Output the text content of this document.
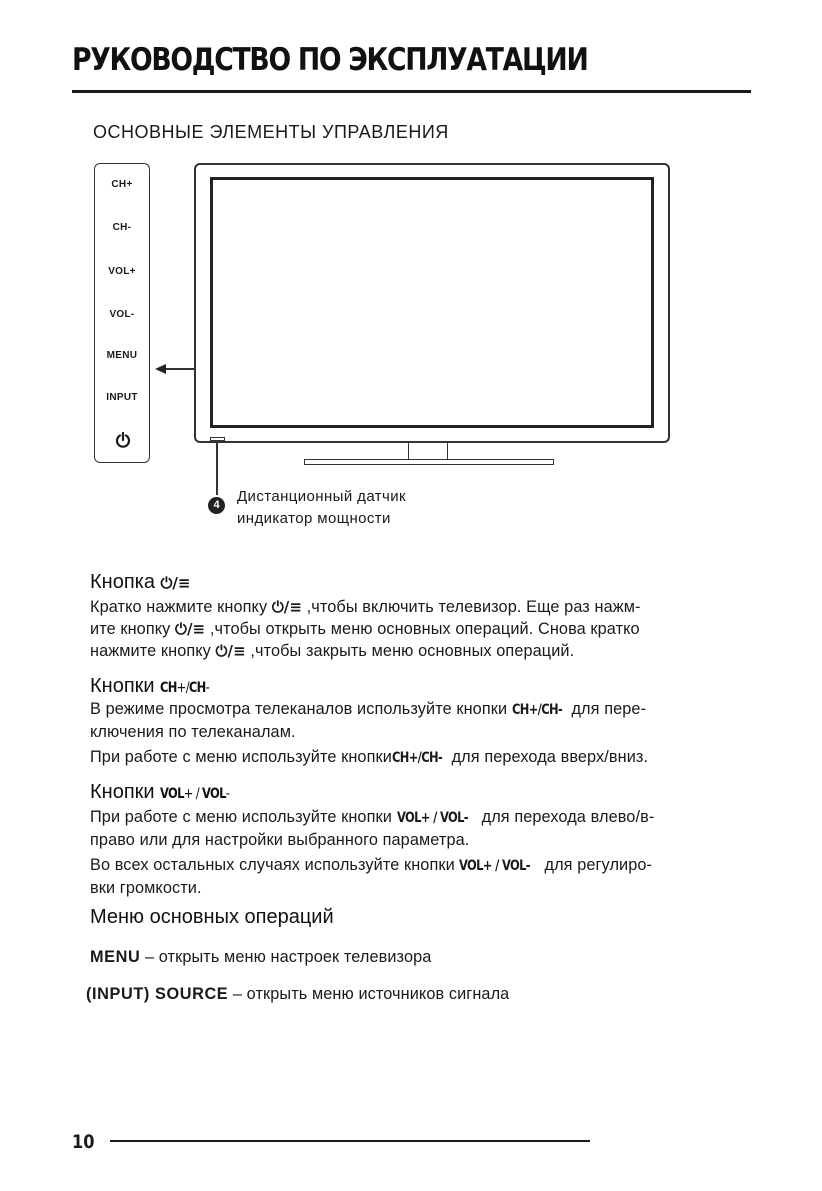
РУКОВОДСТВО ПО ЭКСПЛУАТАЦИИ
ОСНОВНЫЕ ЭЛЕМЕНТЫ УПРАВЛЕНИЯ
CH+
CH-
VOL+
VOL-
MENU
INPUT
4	Дистанционный датчик
индикатор мощности
Кнопка ⏻/≡

Кратко нажмите кнопку ⏻/≡ ,чтобы включить телевизор. Еще раз нажм-

ите кнопку ⏻/≡ ,чтобы открыть меню основных операций. Снова кратко

нажмите кнопку ⏻/≡ ,чтобы закрыть меню основных операций.

Кнопки CH+/CH-

В режиме просмотра телеканалов используйте кнопки CH+/CH- для пере-

ключения по телеканалам.

При работе с меню используйте кнопкиCH+/CH- для перехода вверх/вниз.

Кнопки VOL+ / VOL-

При работе с меню используйте кнопки VOL+ / VOL- для перехода влево/в-

право или для настройки выбранного параметра.

Во всех остальных случаях используйте кнопки VOL+ / VOL- для регулиро-

вки громкости.

Меню основных операций
MENU – открыть меню настроек телевизора
(INPUT) SOURCE – открыть меню источников сигнала
10
